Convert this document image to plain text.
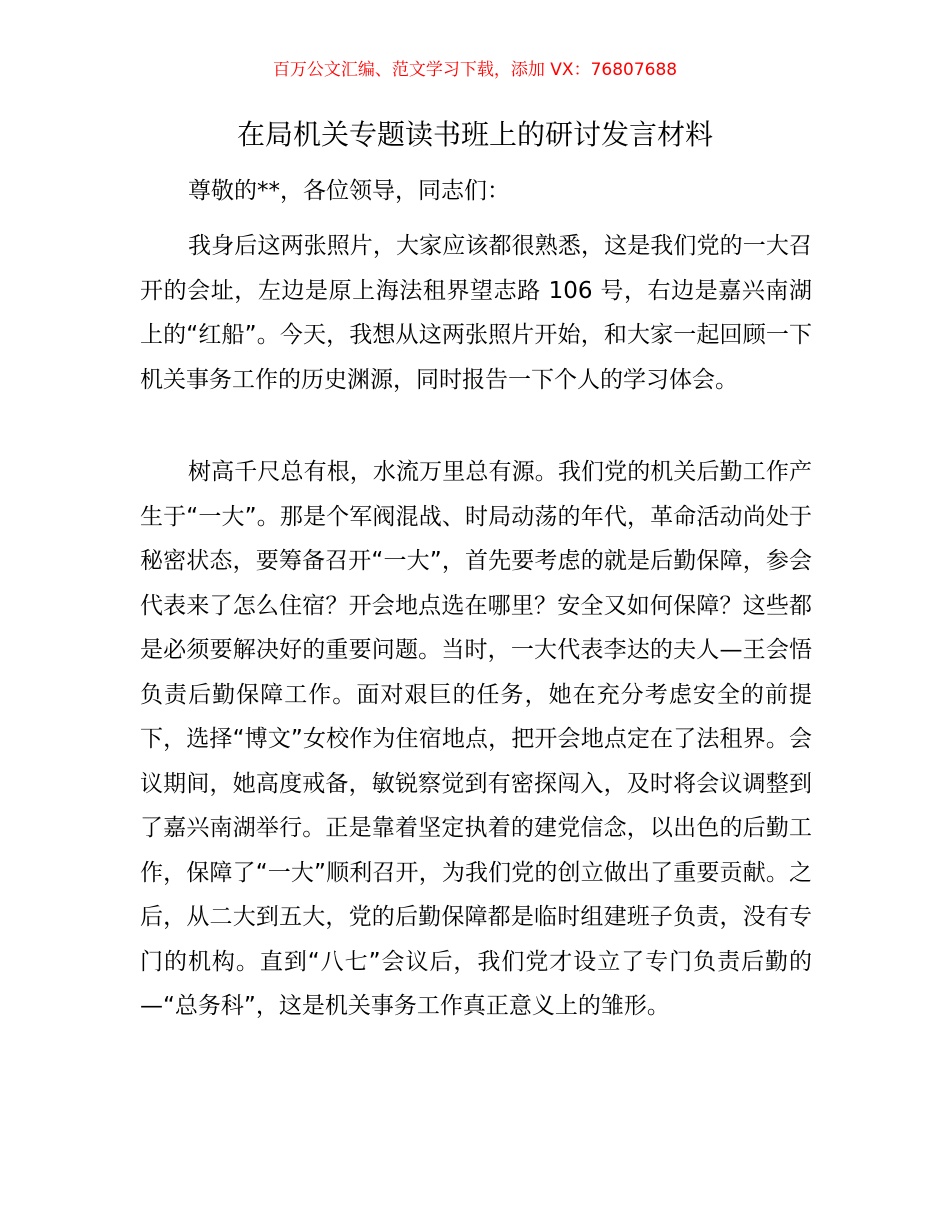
百万公文汇编、范文学习下载，添加 VX：76807688
在局机关专题读书班上的研讨发言材料
尊敬的**，各位领导，同志们：

我身后这两张照片，大家应该都很熟悉，这是我们党的一大召开的会址，左边是原上海法租界望志路 106 号，右边是嘉兴南湖上的“红船”。今天，我想从这两张照片开始，和大家一起回顾一下机关事务工作的历史渊源，同时报告一下个人的学习体会。

树高千尺总有根，水流万里总有源。我们党的机关后勤工作产生于“一大”。那是个军阀混战、时局动荡的年代，革命活动尚处于秘密状态，要筹备召开“一大”，首先要考虑的就是后勤保障，参会代表来了怎么住宿？开会地点选在哪里？安全又如何保障？这些都是必须要解决好的重要问题。当时，一大代表李达的夫人—王会悟负责后勤保障工作。面对艰巨的任务，她在充分考虑安全的前提下，选择“博文”女校作为住宿地点，把开会地点定在了法租界。会议期间，她高度戒备，敏锐察觉到有密探闯入，及时将会议调整到了嘉兴南湖举行。正是靠着坚定执着的建党信念，以出色的后勤工作，保障了“一大”顺利召开，为我们党的创立做出了重要贡献。之后，从二大到五大，党的后勤保障都是临时组建班子负责，没有专门的机构。直到“八七”会议后，我们党才设立了专门负责后勤的—“总务科”，这是机关事务工作真正意义上的雏形。
